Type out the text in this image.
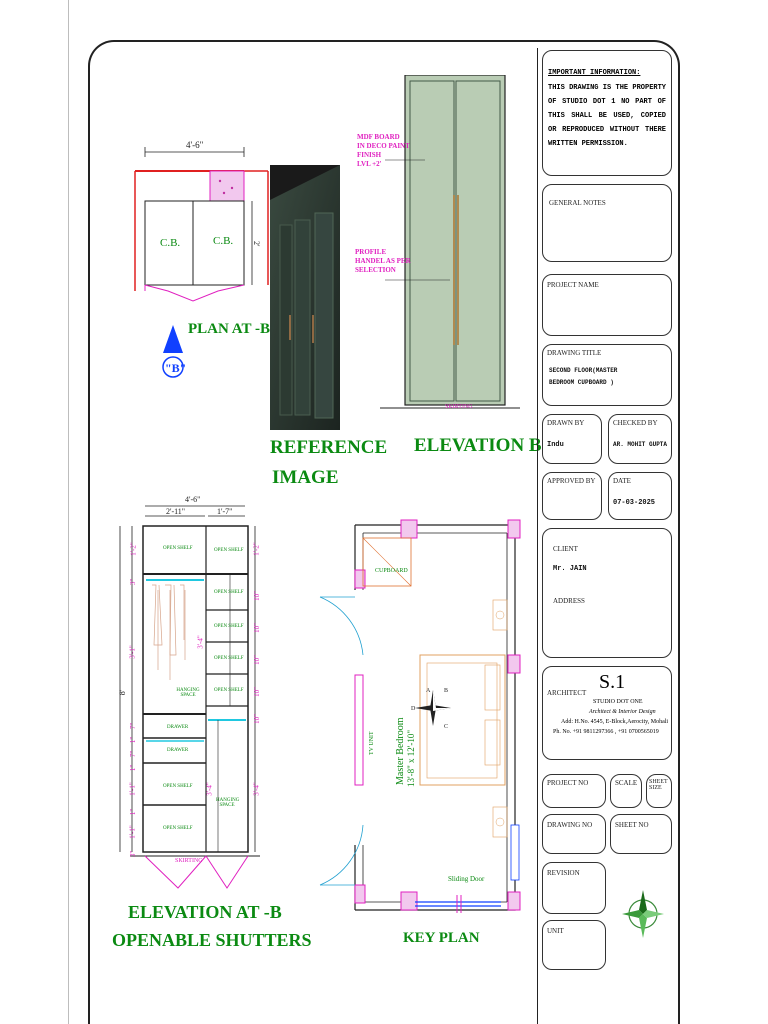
4'-6"
C.B.	C.B. 2'
"B"
PLAN AT -B
REFERENCE
IMAGE
SKIRTING
MDF BOARD
IN DECO PAINT
FINISH
LVL +2'
PROFILE
HANDEL AS PER
SELECTION
ELEVATION B
4'-6"
2'-11"	1'-7"
SKIRTING
OPEN SHELF
HANGING SPACE
DRAWER
DRAWER
OPEN SHELF
OPEN SHELF
OPEN SHELF
OPEN SHELF
OPEN SHELF
OPEN SHELF
OPEN SHELF
HANGING SPACE
8'
1'-2"
3"
3'-1"
7"
1"
7"
1"
1'-1"
1"
1'-1"
3"
1'-2"
10"
10"
10"
10"
10"
3'-4"
3'-4"
3'-4"
ELEVATION AT -B
OPENABLE SHUTTERS
CUPBOARD
TV UNIT
Sliding Door
Master Bedroom 13'-8" x 12'-10"
A B
C
D
KEY PLAN
IMPORTANT INFORMATION:
THIS DRAWING IS THE PROPERTY OF STUDIO DOT 1 NO PART OF THIS SHALL BE USED, COPIED OR REPRODUCED WITHOUT THERE WRITTEN PERMISSION.
GENERAL NOTES
PROJECT NAME
DRAWING TITLE
SECOND FLOOR(MASTER BEDROOM CUPBOARD )
DRAWN BY
Indu
CHECKED BY
AR. MOHIT GUPTA
APPROVED BY	DATE
07-03-2025
CLIENT
Mr. JAIN
ADDRESS
ARCHITECT S.1
STUDIO DOT ONE
Architect & Interior Design
Add: H.No. 4545, E-Block,Aerocity, Mohali
Ph. No. +91 9811297366 , +91 0700565019
PROJECT NO	SCALE SHEET SIZE
DRAWING NO	SHEET NO
REVISION
UNIT
